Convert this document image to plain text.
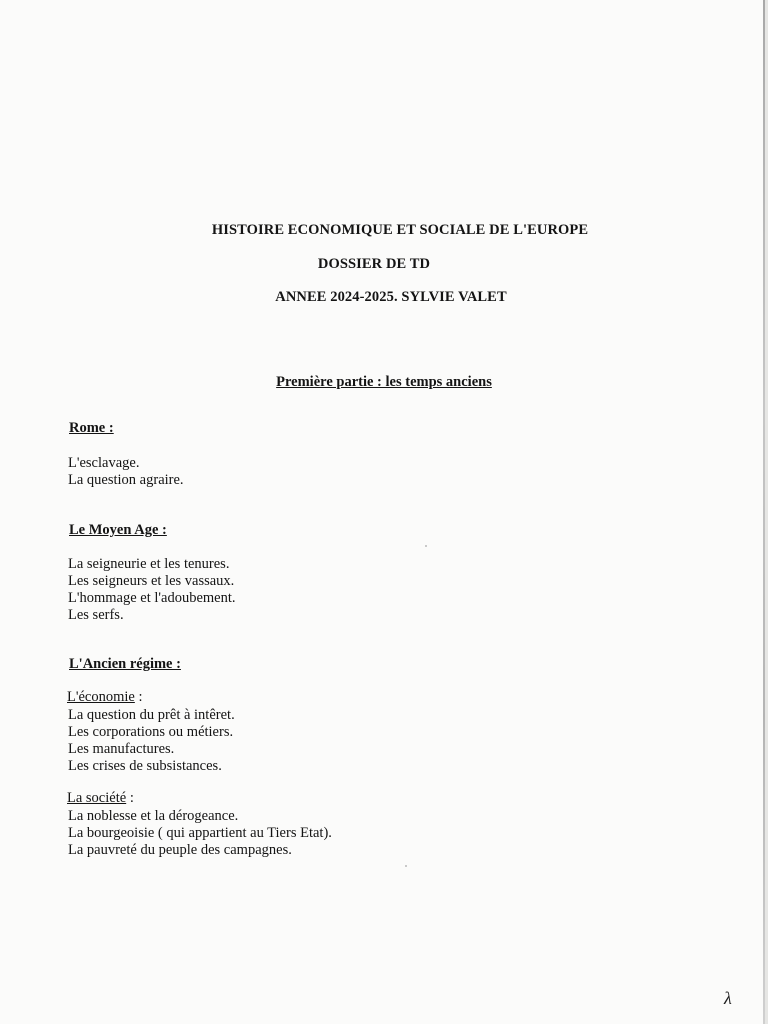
HISTOIRE ECONOMIQUE ET SOCIALE DE L'EUROPE
DOSSIER DE TD
ANNEE 2024-2025. SYLVIE VALET
Première partie : les temps anciens
Rome :
L'esclavage.
La question agraire.
Le Moyen Age :
La seigneurie et les tenures.
Les seigneurs et les vassaux.
L'hommage et l'adoubement.
Les serfs.
L'Ancien régime :
L'économie :
La question du prêt à intêret.
Les corporations ou métiers.
Les manufactures.
Les crises de subsistances.
La société :
La noblesse et la dérogeance.
La bourgeoisie ( qui appartient au Tiers Etat).
La pauvreté du peuple des campagnes.
λ
